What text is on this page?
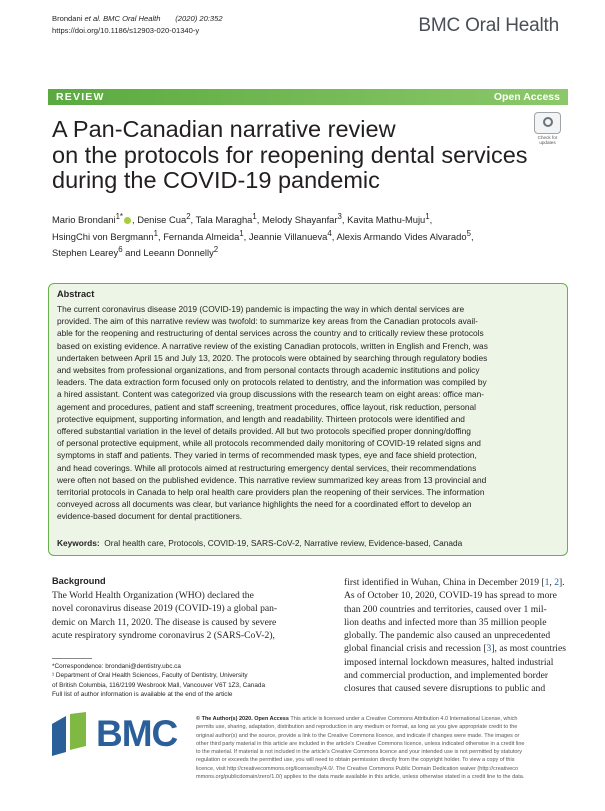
Brondani et al. BMC Oral Health (2020) 20:352
https://doi.org/10.1186/s12903-020-01340-y	BMC Oral Health
REVIEW	Open Access
Check for
updates
A Pan-Canadian narrative review
on the protocols for reopening dental services
during the COVID-19 pandemic
Mario Brondani$^{1*}$ , Denise Cua$^2$, Tala Maragha$^1$, Melody Shayanfar$^3$, Kavita Mathu-Muju$^1$,
HsingChi von Bergmann$^1$, Fernanda Almeida$^1$, Jeannie Villanueva$^4$, Alexis Armando Vides Alvarado$^5$,
Stephen Learey$^6$ and Leeann Donnelly$^2$
Abstract
The current coronavirus disease 2019 (COVID-19) pandemic is impacting the way in which dental services are
provided. The aim of this narrative review was twofold: to summarize key areas from the Canadian protocols avail-
able for the reopening and restructuring of dental services across the country and to critically review these protocols
based on existing evidence. A narrative review of the existing Canadian protocols, written in English and French, was
undertaken between April 15 and July 13, 2020. The protocols were obtained by searching through regulatory bodies
and websites from professional organizations, and from personal contacts through academic institutions and policy
leaders. The data extraction form focused only on protocols related to dentistry, and the information was compiled by
a hired assistant. Content was categorized via group discussions with the research team on eight areas: office man-
agement and procedures, patient and staff screening, treatment procedures, office layout, risk reduction, personal
protective equipment, supporting information, and length and readability. Thirteen protocols were identified and
offered substantial variation in the level of details provided. All but two protocols specified proper donning/doffing
of personal protective equipment, while all protocols recommended daily monitoring of COVID-19 related signs and
symptoms in staff and patients. They varied in terms of recommended mask types, eye and face shield protection,
and head coverings. While all protocols aimed at restructuring emergency dental services, their recommendations
were often not based on the published evidence. This narrative review summarized key areas from 13 provincial and
territorial protocols in Canada to help oral health care providers plan the reopening of their services. The information
conveyed across all documents was clear, but variance highlights the need for a coordinated effort to develop an
evidence-based document for dental practitioners.
Keywords: Oral health care, Protocols, COVID-19, SARS-CoV-2, Narrative review, Evidence-based, Canada
Background
The World Health Organization (WHO) declared the
novel coronavirus disease 2019 (COVID-19) a global pan-
demic on March 11, 2020. The disease is caused by severe
acute respiratory syndrome coronavirus 2 (SARS-CoV-2),
first identified in Wuhan, China in December 2019 [1, 2].
As of October 10, 2020, COVID-19 has spread to more
than 200 countries and territories, caused over 1 mil-
lion deaths and infected more than 35 million people
globally. The pandemic also caused an unprecedented
global financial crisis and recession [3], as most countries
imposed internal lockdown measures, halted industrial
and commercial production, and implemented border
closures that caused severe disruptions to public and
*Correspondence: brondani@dentistry.ubc.ca
¹ Department of Oral Health Sciences, Faculty of Dentistry, University
of British Columbia, 116/2199 Wesbrook Mall, Vancouver V6T 1Z3, Canada
Full list of author information is available at the end of the article
BMC	© The Author(s) 2020. Open Access This article is licensed under a Creative Commons Attribution 4.0 International License, which
permits use, sharing, adaptation, distribution and reproduction in any medium or format, as long as you give appropriate credit to the
original author(s) and the source, provide a link to the Creative Commons licence, and indicate if changes were made. The images or
other third party material in this article are included in the article's Creative Commons licence, unless indicated otherwise in a credit line
to the material. If material is not included in the article's Creative Commons licence and your intended use is not permitted by statutory
regulation or exceeds the permitted use, you will need to obtain permission directly from the copyright holder. To view a copy of this
licence, visit http://creativecommons.org/licenses/by/4.0/. The Creative Commons Public Domain Dedication waiver (http://creativeco
mmons.org/publicdomain/zero/1.0/) applies to the data made available in this article, unless otherwise stated in a credit line to the data.
